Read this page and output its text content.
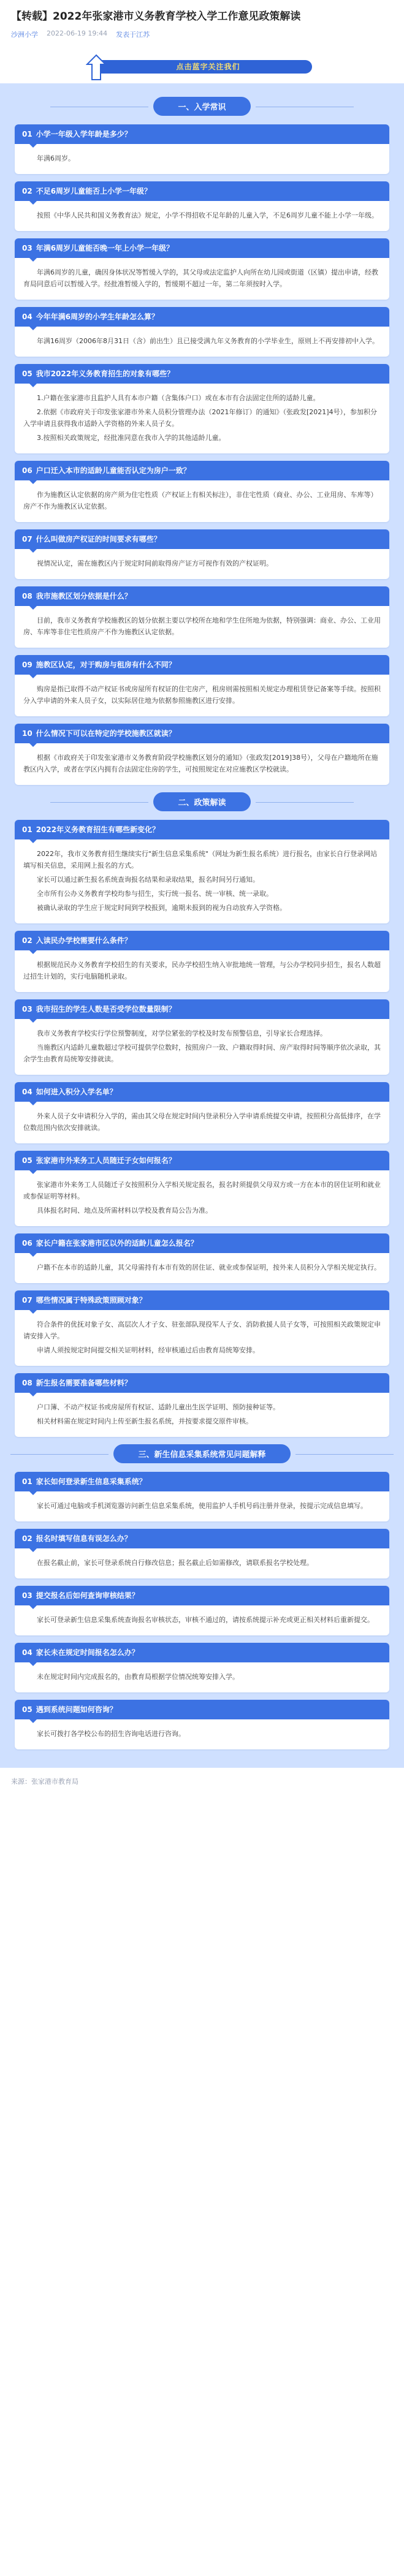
【转载】2022年张家港市义务教育学校入学工作意见政策解读
沙洲小学 2022-06-19 19:44 发表于江苏
点击蓝字关注我们
一、入学常识
01 小学一年级入学年龄是多少？

年满6周岁。

02 不足6周岁儿童能否上小学一年级？

按照《中华人民共和国义务教育法》规定，小学不得招收不足年龄的儿童入学，不足6周岁儿童不能上小学一年级。

03 年满6周岁儿童能否晚一年上小学一年级？

年满6周岁的儿童，确因身体状况等暂缓入学的，其父母或法定监护人向所在幼儿园或街道（区镇）提出申请，经教育局同意后可以暂缓入学。经批准暂缓入学的，暂缓期不超过一年，第二年须按时入学。

04 今年年满6周岁的小学生年龄怎么算？

年满16周岁（2006年8月31日（含）前出生）且已接受满九年义务教育的小学毕业生，原则上不再安排初中入学。

05 我市2022年义务教育招生的对象有哪些？

1.户籍在张家港市且监护人具有本市户籍（含集体户口）或在本市有合法固定住所的适龄儿童。

2.依据《市政府关于印发张家港市外来人员积分管理办法（2021年修订）的通知》（张政发[2021]4号），参加积分入学申请且获得我市适龄入学资格的外来人员子女。

3.按照相关政策规定，经批准同意在我市入学的其他适龄儿童。

06 户口迁入本市的适龄儿童能否认定为房户一致？

作为施教区认定依据的房产须为住宅性质（产权证上有相关标注），非住宅性质（商业、办公、工业用房、车库等）房产不作为施教区认定依据。

07 什么叫做房产权证的时间要求有哪些？

视情况认定，需在施教区内于规定时间前取得房产证方可视作有效的产权证明。

08 我市施教区划分依据是什么？

目前，我市义务教育学校施教区的划分依据主要以学校所在地和学生住所地为依据，特别强调：商业、办公、工业用房、车库等非住宅性质房产不作为施教区认定依据。

09 施教区认定，对于购房与租房有什么不同？

购房是指已取得不动产权证书或房屋所有权证的住宅房产，租房则需按照相关规定办理租赁登记备案等手续。按照积分入学申请的外来人员子女，以实际居住地为依据参照施教区进行安排。

10 什么情况下可以在特定的学校施教区就读？

根据《市政府关于印发张家港市义务教育阶段学校施教区划分的通知》（张政发[2019]38号），父母在户籍地所在施教区内入学，或者在学区内拥有合法固定住房的学生，可按照规定在对应施教区学校就读。

二、政策解读
01 2022年义务教育招生有哪些新变化？

2022年，我市义务教育招生继续实行"新生信息采集系统"（网址为新生报名系统）进行报名，由家长自行登录网站填写相关信息，采用网上报名的方式。

家长可以通过新生报名系统查询报名结果和录取结果，报名时间另行通知。

全市所有公办义务教育学校均参与招生，实行统一报名、统一审核、统一录取。

被确认录取的学生应于规定时间到学校报到，逾期未报到的视为自动放弃入学资格。

02 入读民办学校需要什么条件？

根据规范民办义务教育学校招生的有关要求，民办学校招生纳入审批地统一管理，与公办学校同步招生，报名人数超过招生计划的，实行电脑随机录取。

03 我市招生的学生人数是否受学位数量限制？

我市义务教育学校实行学位预警制度，对学位紧张的学校及时发布预警信息，引导家长合理选择。

当施教区内适龄儿童数超过学校可提供学位数时，按照房户一致、户籍取得时间、房产取得时间等顺序依次录取，其余学生由教育局统筹安排就读。

04 如何进入积分入学名单？

外来人员子女申请积分入学的，需由其父母在规定时间内登录积分入学申请系统提交申请，按照积分高低排序，在学位数范围内依次安排就读。

05 张家港市外来务工人员随迁子女如何报名？

张家港市外来务工人员随迁子女按照积分入学相关规定报名，报名时须提供父母双方或一方在本市的居住证明和就业或参保证明等材料。

具体报名时间、地点及所需材料以学校及教育局公告为准。

06 家长户籍在张家港市区以外的适龄儿童怎么报名？

户籍不在本市的适龄儿童，其父母需持有本市有效的居住证、就业或参保证明，按外来人员积分入学相关规定执行。

07 哪些情况属于特殊政策照顾对象？

符合条件的优抚对象子女、高层次人才子女、驻张部队现役军人子女、消防救援人员子女等，可按照相关政策规定申请安排入学。

申请人须按规定时间提交相关证明材料，经审核通过后由教育局统筹安排。

08 新生报名需要准备哪些材料？

户口簿、不动产权证书或房屋所有权证、适龄儿童出生医学证明、预防接种证等。

相关材料需在规定时间内上传至新生报名系统，并按要求提交原件审核。

三、新生信息采集系统常见问题解释
01 家长如何登录新生信息采集系统？

家长可通过电脑或手机浏览器访问新生信息采集系统，使用监护人手机号码注册并登录，按提示完成信息填写。

02 报名时填写信息有误怎么办？

在报名截止前，家长可登录系统自行修改信息；报名截止后如需修改，请联系报名学校处理。

03 提交报名后如何查询审核结果？

家长可登录新生信息采集系统查询报名审核状态，审核不通过的，请按系统提示补充或更正相关材料后重新提交。

04 家长未在规定时间报名怎么办？

未在规定时间内完成报名的，由教育局根据学位情况统筹安排入学。

05 遇到系统问题如何咨询？

家长可拨打各学校公布的招生咨询电话进行咨询。

来源：张家港市教育局
